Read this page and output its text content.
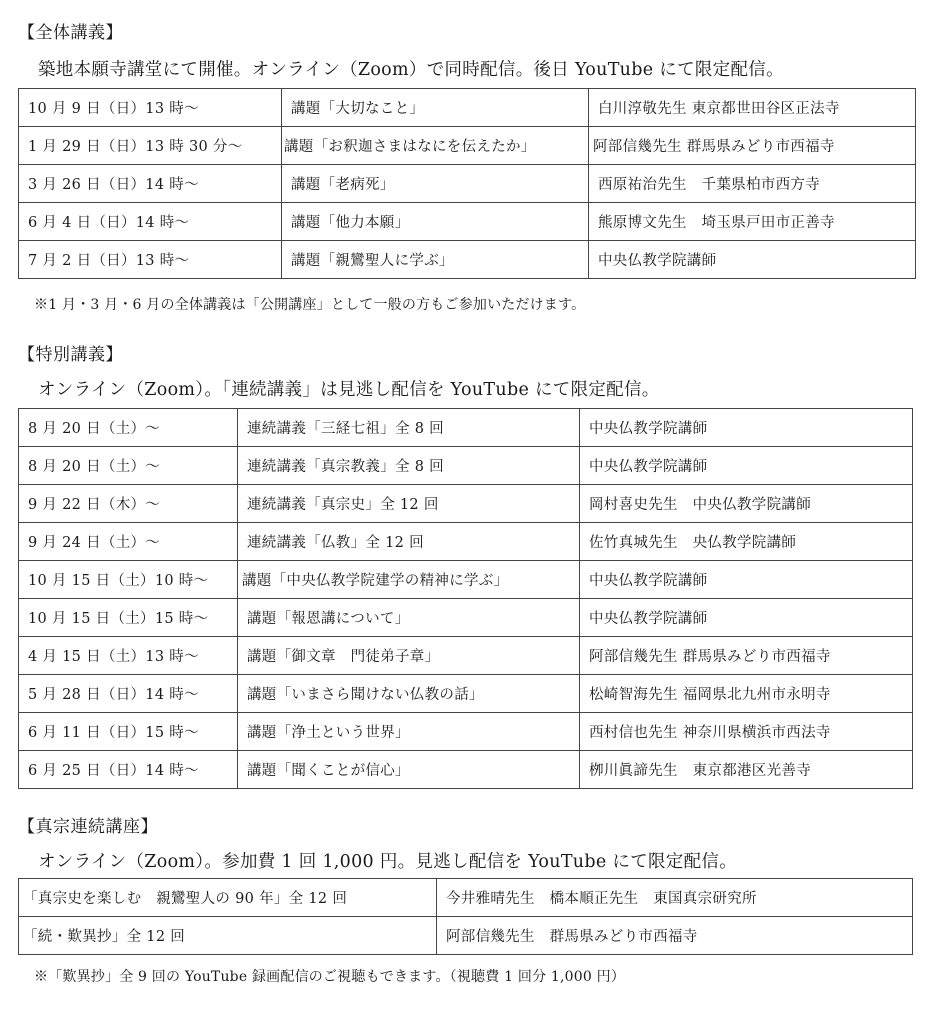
【全体講義】
築地本願寺講堂にて開催。オンライン（Zoom）で同時配信。後日 YouTube にて限定配信。
10 月 9 日（日）13 時～	講題「大切なこと」	白川淳敬先生 東京都世田谷区正法寺
1 月 29 日（日）13 時 30 分～	講題「お釈迦さまはなにを伝えたか」	阿部信幾先生 群馬県みどり市西福寺
3 月 26 日（日）14 時～	講題「老病死」	西原祐治先生　千葉県柏市西方寺
6 月 4 日（日）14 時～	講題「他力本願」	熊原博文先生　埼玉県戸田市正善寺
7 月 2 日（日）13 時～	講題「親鸞聖人に学ぶ」	中央仏教学院講師
※1 月・3 月・6 月の全体講義は「公開講座」として一般の方もご参加いただけます。
【特別講義】
オンライン（Zoom）。「連続講義」は見逃し配信を YouTube にて限定配信。
8 月 20 日（土）～	連続講義「三経七祖」全 8 回	中央仏教学院講師
8 月 20 日（土）～	連続講義「真宗教義」全 8 回	中央仏教学院講師
9 月 22 日（木）～	連続講義「真宗史」全 12 回	岡村喜史先生　中央仏教学院講師
9 月 24 日（土）～	連続講義「仏教」全 12 回	佐竹真城先生　央仏教学院講師
10 月 15 日（土）10 時～	講題「中央仏教学院建学の精神に学ぶ」	中央仏教学院講師
10 月 15 日（土）15 時～	講題「報恩講について」	中央仏教学院講師
4 月 15 日（土）13 時～	講題「御文章　門徒弟子章」	阿部信幾先生 群馬県みどり市西福寺
5 月 28 日（日）14 時～	講題「いまさら聞けない仏教の話」	松崎智海先生 福岡県北九州市永明寺
6 月 11 日（日）15 時～	講題「浄土という世界」	西村信也先生 神奈川県横浜市西法寺
6 月 25 日（日）14 時～	講題「聞くことが信心」	栁川眞諦先生　東京都港区光善寺
【真宗連続講座】
オンライン（Zoom）。参加費 1 回 1,000 円。見逃し配信を YouTube にて限定配信。
「真宗史を楽しむ　親鸞聖人の 90 年」全 12 回	今井雅晴先生　橋本順正先生　東国真宗研究所
「続・歎異抄」全 12 回	阿部信幾先生　群馬県みどり市西福寺
※「歎異抄」全 9 回の YouTube 録画配信のご視聴もできます。（視聴費 1 回分 1,000 円）
